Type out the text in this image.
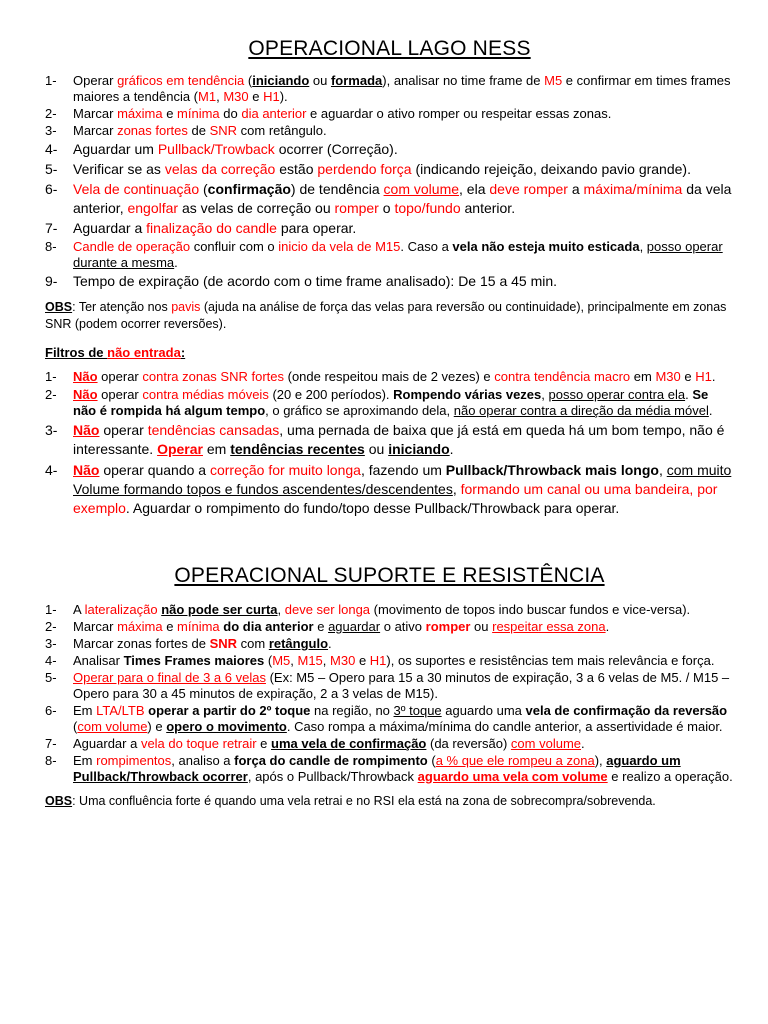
OPERACIONAL LAGO NESS
1-	Operar gráficos em tendência (iniciando ou formada), analisar no time frame de M5 e confirmar em times frames maiores a tendência (M1, M30 e H1).
2-	Marcar máxima e mínima do dia anterior e aguardar o ativo romper ou respeitar essas zonas.
3-	Marcar zonas fortes de SNR com retângulo.
4-	Aguardar um Pullback/Trowback ocorrer (Correção).
5-	Verificar se as velas da correção estão perdendo força (indicando rejeição, deixando pavio grande).
6-	Vela de continuação (confirmação) de tendência com volume, ela deve romper a máxima/mínima da vela anterior, engolfar as velas de correção ou romper o topo/fundo anterior.
7-	Aguardar a finalização do candle para operar.
8-	Candle de operação confluir com o inicio da vela de M15. Caso a vela não esteja muito esticada, posso operar durante a mesma.
9-	Tempo de expiração (de acordo com o time frame analisado): De 15 a 45 min.

OBS: Ter atenção nos pavis (ajuda na análise de força das velas para reversão ou continuidade), principalmente em zonas SNR (podem ocorrer reversões).

Filtros de não entrada:
1-	Não operar contra zonas SNR fortes (onde respeitou mais de 2 vezes) e contra tendência macro em M30 e H1.
2-	Não operar contra médias móveis (20 e 200 períodos). Rompendo várias vezes, posso operar contra ela. Se não é rompida há algum tempo, o gráfico se aproximando dela, não operar contra a direção da média móvel.
3-	Não operar tendências cansadas, uma pernada de baixa que já está em queda há um bom tempo, não é interessante. Operar em tendências recentes ou iniciando.
4-	Não operar quando a correção for muito longa, fazendo um Pullback/Throwback mais longo, com muito Volume formando topos e fundos ascendentes/descendentes, formando um canal ou uma bandeira, por exemplo. Aguardar o rompimento do fundo/topo desse Pullback/Throwback para operar.
OPERACIONAL SUPORTE E RESISTÊNCIA
1-	A lateralização não pode ser curta, deve ser longa (movimento de topos indo buscar fundos e vice-versa).
2-	Marcar máxima e mínima do dia anterior e aguardar o ativo romper ou respeitar essa zona.
3-	Marcar zonas fortes de SNR com retângulo.
4-	Analisar Times Frames maiores (M5, M15, M30 e H1), os suportes e resistências tem mais relevância e força.
5-	Operar para o final de 3 a 6 velas (Ex: M5 – Opero para 15 a 30 minutos de expiração, 3 a 6 velas de M5. / M15 – Opero para 30 a 45 minutos de expiração, 2 a 3 velas de M15).
6-	Em LTA/LTB operar a partir do 2º toque na região, no 3º toque aguardo uma vela de confirmação da reversão (com volume) e opero o movimento. Caso rompa a máxima/mínima do candle anterior, a assertividade é maior.
7-	Aguardar a vela do toque retrair e uma vela de confirmação (da reversão) com volume.
8-	Em rompimentos, analiso a força do candle de rompimento (a % que ele rompeu a zona), aguardo um Pullback/Throwback ocorrer, após o Pullback/Throwback aguardo uma vela com volume e realizo a operação.

OBS: Uma confluência forte é quando uma vela retrai e no RSI ela está na zona de sobrecompra/sobrevenda.
